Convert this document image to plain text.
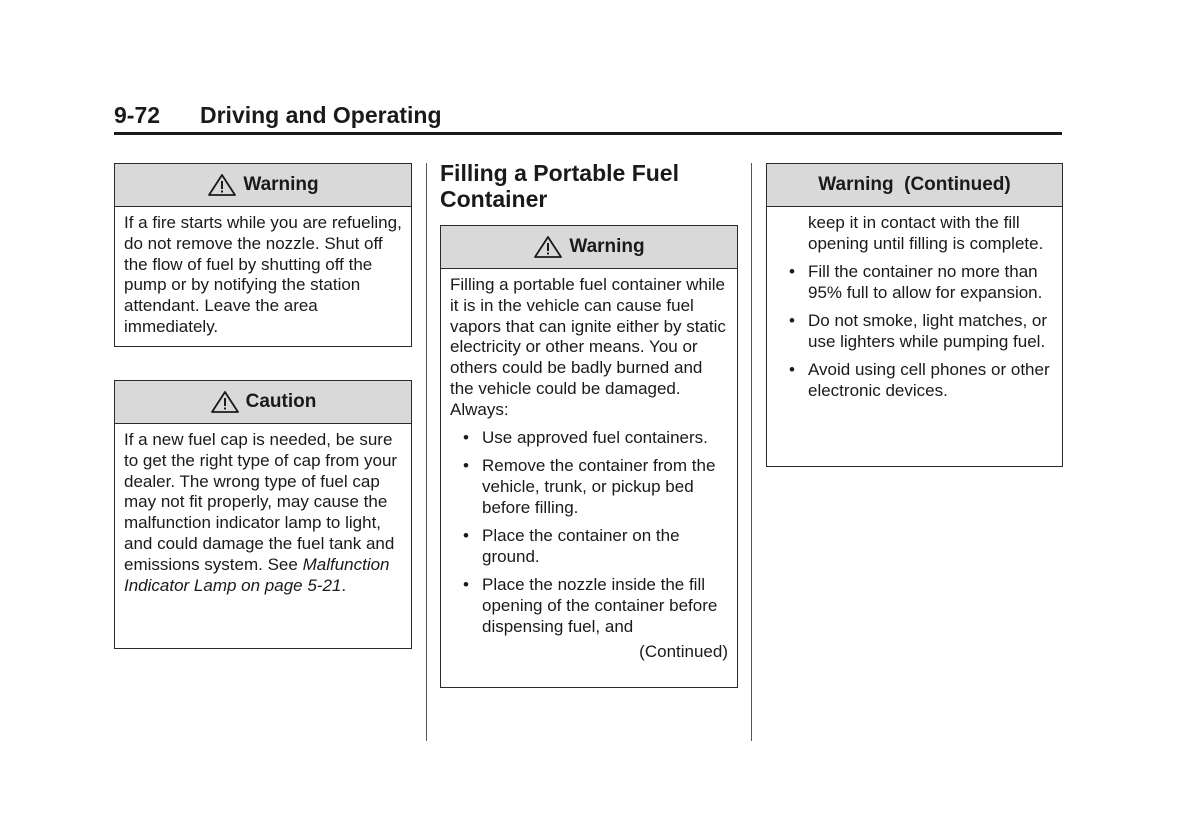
9-72 Driving and Operating
Warning

If a fire starts while you are refueling, do not remove the nozzle. Shut off the flow of fuel by shutting off the pump or by notifying the station attendant. Leave the area immediately.

Caution

If a new fuel cap is needed, be sure to get the right type of cap from your dealer. The wrong type of fuel cap may not fit properly, may cause the malfunction indicator lamp to light, and could damage the fuel tank and emissions system. See Malfunction Indicator Lamp on page 5-21.

Filling a Portable Fuel Container
Warning

Filling a portable fuel container while it is in the vehicle can cause fuel vapors that can ignite either by static electricity or other means. You or others could be badly burned and the vehicle could be damaged. Always:

• Use approved fuel containers.
• Remove the container from the vehicle, trunk, or pickup bed before filling.
• Place the container on the ground.
• Place the nozzle inside the fill opening of the container before dispensing fuel, and
(Continued)
Warning  (Continued)

keep it in contact with the fill opening until filling is complete.

• Fill the container no more than 95% full to allow for expansion.
• Do not smoke, light matches, or use lighters while pumping fuel.
• Avoid using cell phones or other electronic devices.
